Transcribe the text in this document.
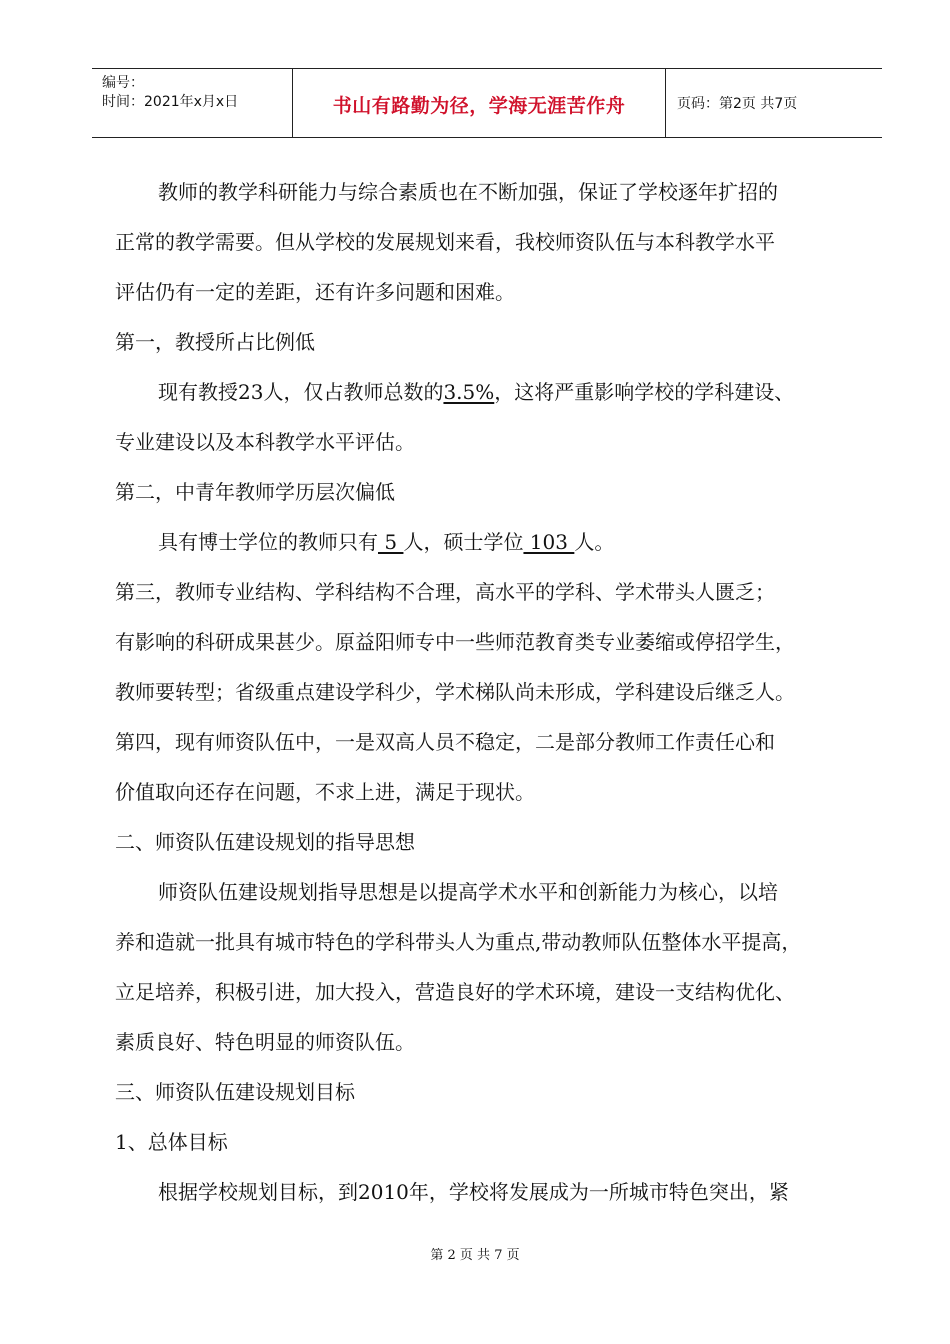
编号：
时间：2021年x月x日	书山有路勤为径，学海无涯苦作舟	页码：第2页 共7页
教师的教学科研能力与综合素质也在不断加强，保证了学校逐年扩招的
正常的教学需要。但从学校的发展规划来看，我校师资队伍与本科教学水平
评估仍有一定的差距，还有许多问题和困难。
第一，教授所占比例低
现有教授23人，仅占教师总数的3.5%，这将严重影响学校的学科建设、
专业建设以及本科教学水平评估。
第二，中青年教师学历层次偏低
具有博士学位的教师只有 5 人，硕士学位 103 人。
第三，教师专业结构、学科结构不合理，高水平的学科、学术带头人匮乏；
有影响的科研成果甚少。原益阳师专中一些师范教育类专业萎缩或停招学生，
教师要转型；省级重点建设学科少，学术梯队尚未形成，学科建设后继乏人。
第四，现有师资队伍中，一是双高人员不稳定，二是部分教师工作责任心和
价值取向还存在问题，不求上进，满足于现状。
二、师资队伍建设规划的指导思想
师资队伍建设规划指导思想是以提高学术水平和创新能力为核心，以培
养和造就一批具有城市特色的学科带头人为重点,带动教师队伍整体水平提高，
立足培养，积极引进，加大投入，营造良好的学术环境，建设一支结构优化、
素质良好、特色明显的师资队伍。
三、师资队伍建设规划目标
1、总体目标
根据学校规划目标，到2010年，学校将发展成为一所城市特色突出，紧
第 2 页 共 7 页
